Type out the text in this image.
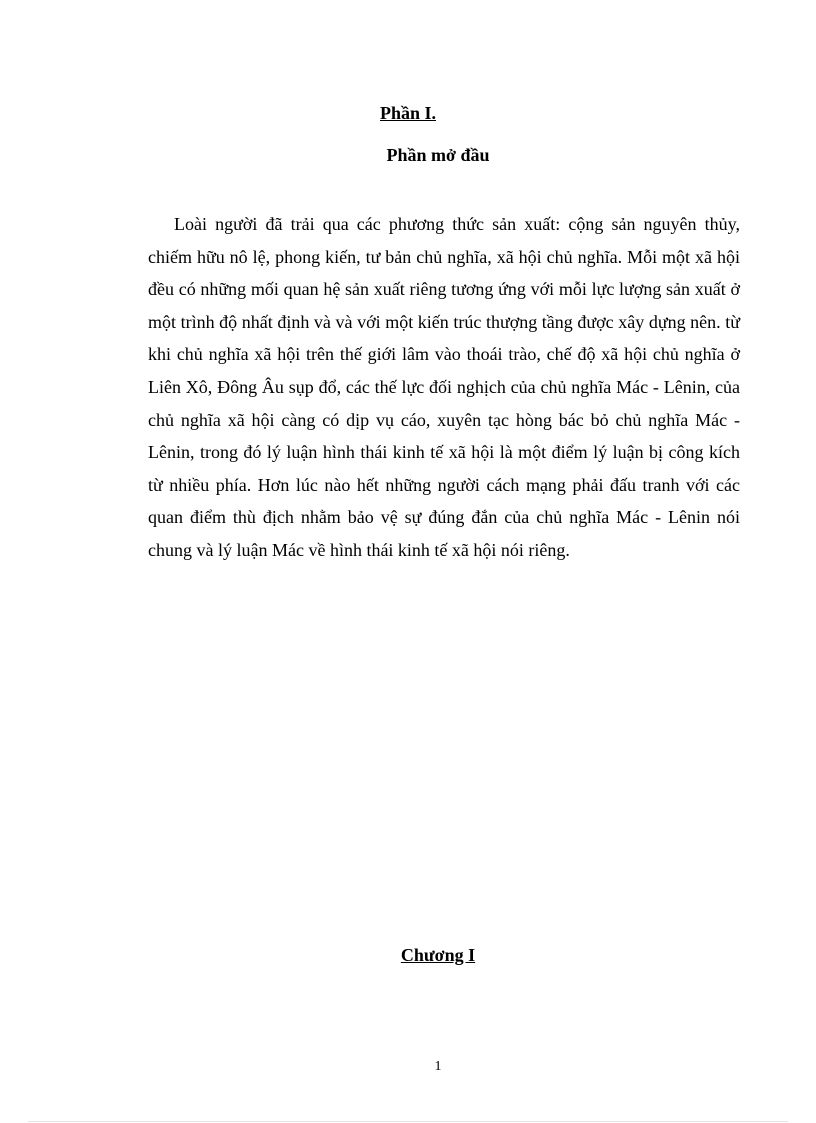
Phần I.
Phần mở đầu

Loài người đã trải qua các phương thức sản xuất: cộng sản nguyên thủy, chiếm hữu nô lệ, phong kiến, tư bản chủ nghĩa, xã hội chủ nghĩa. Mỗi một xã hội đều có những mối quan hệ sản xuất riêng tương ứng với mỗi lực lượng sản xuất ở một trình độ nhất định và và với một kiến trúc thượng tầng được xây dựng nên. từ khi chủ nghĩa xã hội trên thế giới lâm vào thoái trào, chế độ xã hội chủ nghĩa ở Liên Xô, Đông Âu sụp đổ, các thế lực đối nghịch của chủ nghĩa Mác - Lênin, của chủ nghĩa xã hội càng có dịp vụ cáo, xuyên tạc hòng bác bỏ chủ nghĩa Mác - Lênin, trong đó lý luận hình thái kinh tế xã hội là một điểm lý luận bị công kích từ nhiều phía. Hơn lúc nào hết những người cách mạng phải đấu tranh với các quan điểm thù địch nhằm bảo vệ sự đúng đắn của chủ nghĩa Mác - Lênin nói chung và lý luận Mác về hình thái kinh tế xã hội nói riêng.

Chương I
1
